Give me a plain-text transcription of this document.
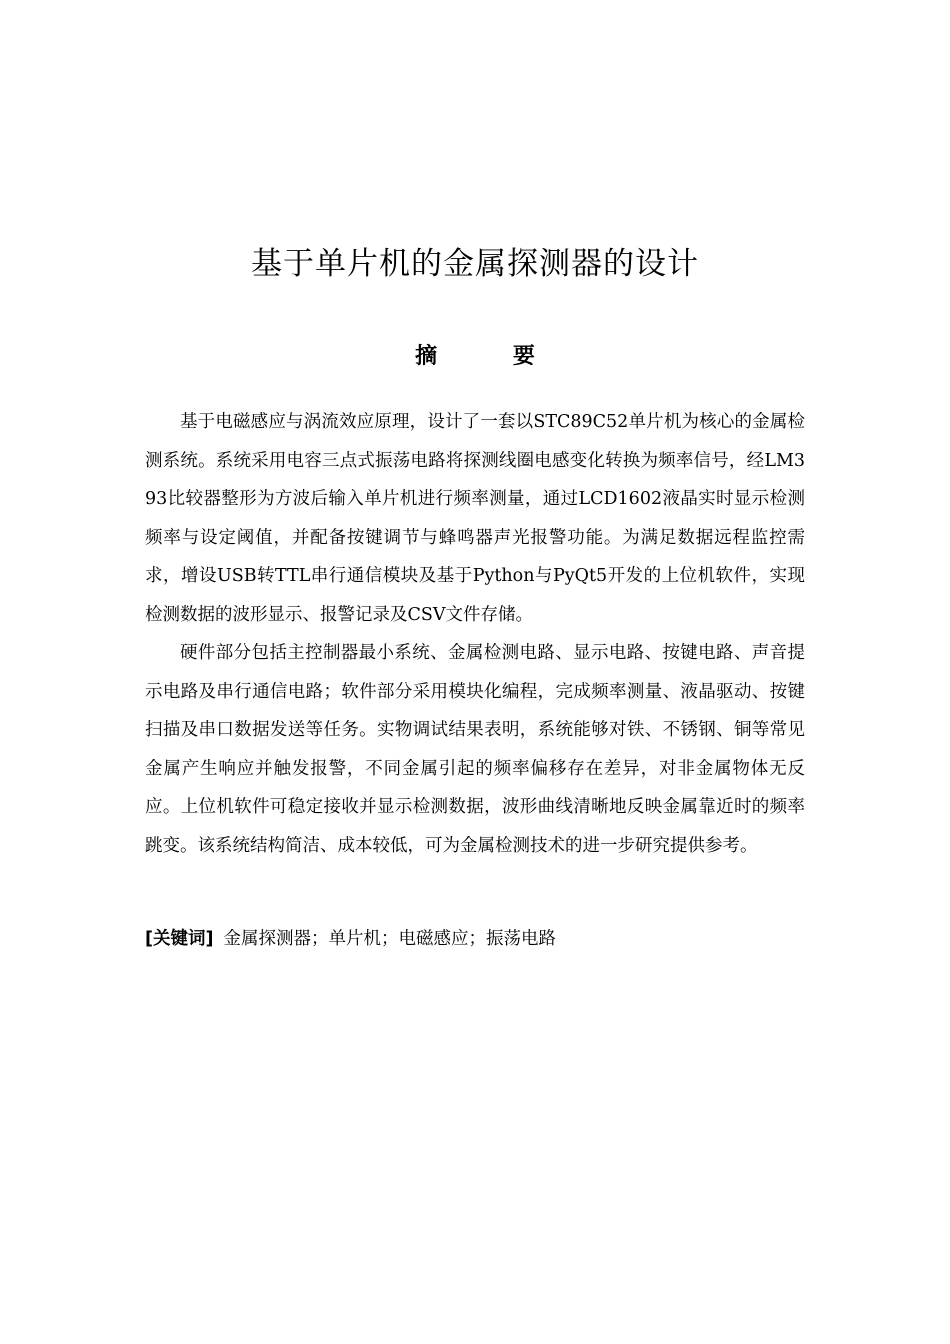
基于单片机的金属探测器的设计
摘 要

基于电磁感应与涡流效应原理，设计了一套以STC89C52单片机为核心的金属检测系统。系统采用电容三点式振荡电路将探测线圈电感变化转换为频率信号，经LM393比较器整形为方波后输入单片机进行频率测量，通过LCD1602液晶实时显示检测频率与设定阈值，并配备按键调节与蜂鸣器声光报警功能。为满足数据远程监控需求，增设USB转TTL串行通信模块及基于Python与PyQt5开发的上位机软件，实现检测数据的波形显示、报警记录及CSV文件存储。

硬件部分包括主控制器最小系统、金属检测电路、显示电路、按键电路、声音提示电路及串行通信电路；软件部分采用模块化编程，完成频率测量、液晶驱动、按键扫描及串口数据发送等任务。实物调试结果表明，系统能够对铁、不锈钢、铜等常见金属产生响应并触发报警，不同金属引起的频率偏移存在差异，对非金属物体无反应。上位机软件可稳定接收并显示检测数据，波形曲线清晰地反映金属靠近时的频率跳变。该系统结构简洁、成本较低，可为金属检测技术的进一步研究提供参考。

[关键词] 金属探测器；单片机；电磁感应；振荡电路
